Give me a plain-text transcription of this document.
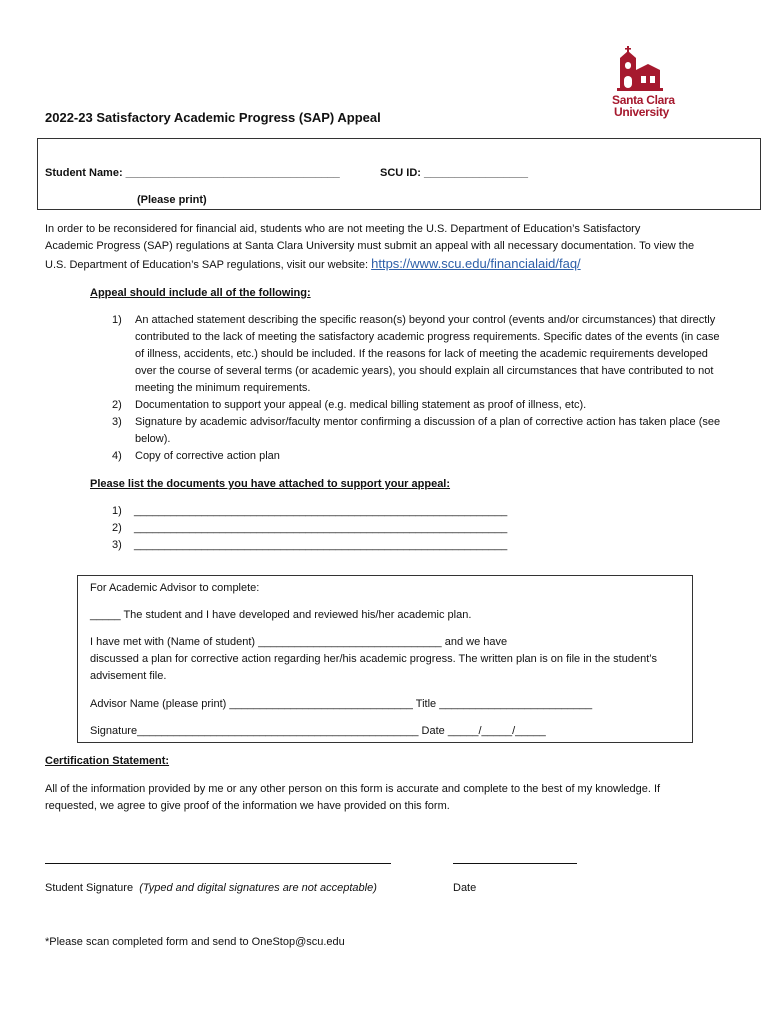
Santa Clara
University
2022-23 Satisfactory Academic Progress (SAP) Appeal
Student Name: ___________________________________	SCU ID: _________________
(Please print)
In order to be reconsidered for financial aid, students who are not meeting the U.S. Department of Education’s Satisfactory
Academic Progress (SAP) regulations at Santa Clara University must submit an appeal with all necessary documentation. To view the
U.S. Department of Education’s SAP regulations, visit our website: https://www.scu.edu/financialaid/faq/
Appeal should include all of the following:
1) An attached statement describing the specific reason(s) beyond your control (events and/or circumstances) that directly contributed to the lack of meeting the satisfactory academic progress requirements. Specific dates of the events (in case of illness, accidents, etc.) should be included. If the reasons for lack of meeting the academic requirements developed over the course of several terms (or academic years), you should explain all circumstances that have contributed to not meeting the minimum requirements.
2) Documentation to support your appeal (e.g. medical billing statement as proof of illness, etc).
3) Signature by academic advisor/faculty mentor confirming a discussion of a plan of corrective action has taken place (see below).
4) Copy of corrective action plan
Please list the documents you have attached to support your appeal:
1) _____________________________________________________________
2) _____________________________________________________________
3) _____________________________________________________________
For Academic Advisor to complete:
_____ The student and I have developed and reviewed his/her academic plan.
I have met with (Name of student) ______________________________ and we have
discussed a plan for corrective action regarding her/his academic progress. The written plan is on file in the student’s
advisement file.
Advisor Name (please print) ______________________________ Title _________________________
Signature______________________________________________ Date _____/_____/_____
Certification Statement:
All of the information provided by me or any other person on this form is accurate and complete to the best of my knowledge. If
requested, we agree to give proof of the information we have provided on this form.
Student Signature (Typed and digital signatures are not acceptable)	Date
*Please scan completed form and send to OneStop@scu.edu
